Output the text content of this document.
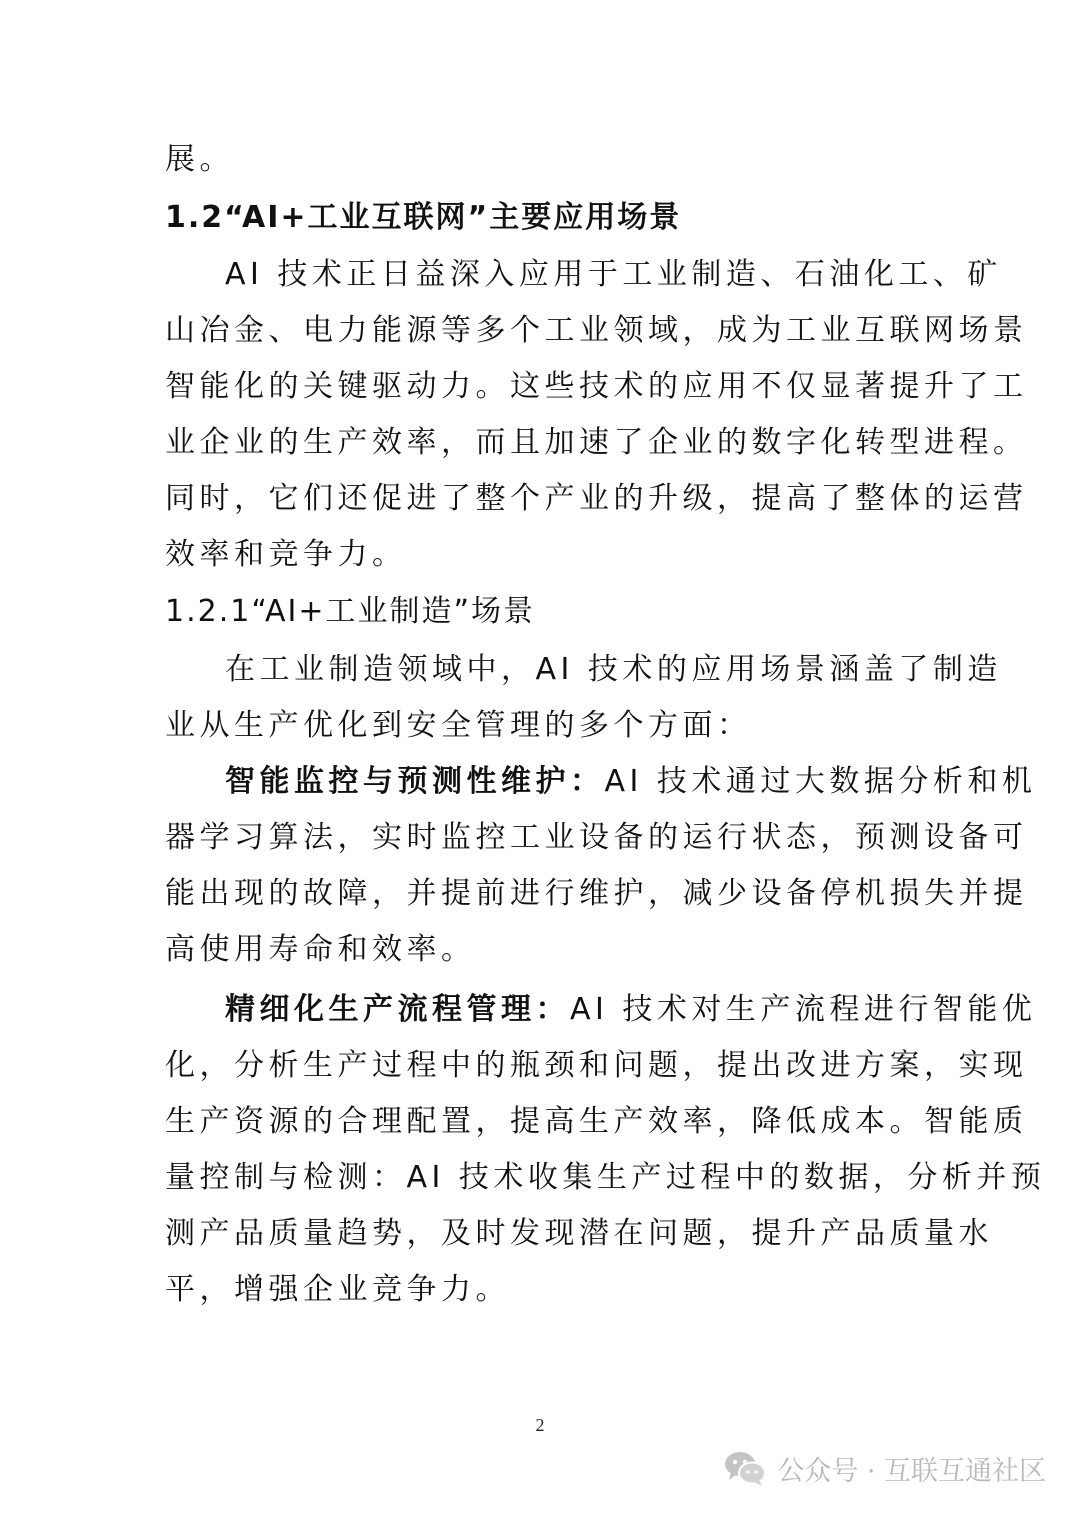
展。
1.2“AI+工业互联网”主要应用场景
AI 技术正日益深入应用于工业制造、石油化工、矿
山冶金、电力能源等多个工业领域，成为工业互联网场景
智能化的关键驱动力。这些技术的应用不仅显著提升了工
业企业的生产效率，而且加速了企业的数字化转型进程。
同时，它们还促进了整个产业的升级，提高了整体的运营
效率和竞争力。
1.2.1“AI+工业制造”场景
在工业制造领域中，AI 技术的应用场景涵盖了制造
业从生产优化到安全管理的多个方面：
智能监控与预测性维护：AI 技术通过大数据分析和机
器学习算法，实时监控工业设备的运行状态，预测设备可
能出现的故障，并提前进行维护，减少设备停机损失并提
高使用寿命和效率。
精细化生产流程管理：AI 技术对生产流程进行智能优
化，分析生产过程中的瓶颈和问题，提出改进方案，实现
生产资源的合理配置，提高生产效率，降低成本。智能质
量控制与检测：AI 技术收集生产过程中的数据，分析并预
测产品质量趋势，及时发现潜在问题，提升产品质量水
平，增强企业竞争力。
2
公众号 · 互联互通社区
